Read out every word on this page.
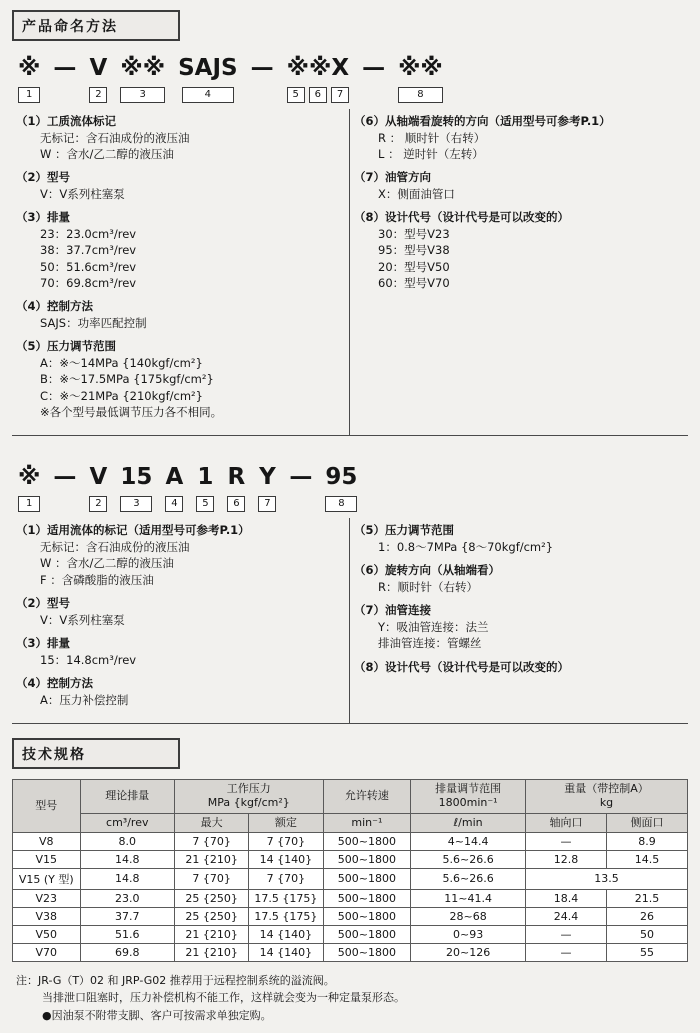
产品命名方法
※
1
— V
2
※※
3
SAJS
4
— ※※X
5	6	7
— ※※
8
（1）工质流体标记
无标记：含石油成份的液压油
W ：含水/乙二醇的液压油
（2）型号
V：V系列柱塞泵
（3）排量
23：23.0cm³/rev
38：37.7cm³/rev
50：51.6cm³/rev
70：69.8cm³/rev
（4）控制方法
SAJS：功率匹配控制
（5）压力调节范围
A：※～14MPa {140kgf/cm²}
B：※～17.5MPa {175kgf/cm²}
C：※～21MPa {210kgf/cm²}
※各个型号最低调节压力各不相同。
（6）从轴端看旋转的方向（适用型号可参考P.1）
R ： 顺时针（右转）
L ： 逆时针（左转）
（7）油管方向
X：侧面油管口
（8）设计代号（设计代号是可以改变的）
30：型号V23
95：型号V38
20：型号V50
60：型号V70
※
1
— V
2
15
3
A
4
1
5
R
6
Y
7
— 95
8
（1）适用流体的标记（适用型号可参考P.1）
无标记：含石油成份的液压油
W ：含水/乙二醇的液压油
F ：含磷酸脂的液压油
（2）型号
V：V系列柱塞泵
（3）排量
15：14.8cm³/rev
（4）控制方法
A：压力补偿控制
（5）压力调节范围
1：0.8～7MPa {8～70kgf/cm²}
（6）旋转方向（从轴端看）
R：顺时针（右转）
（7）油管连接
Y：吸油管连接：法兰
排油管连接：管螺丝
（8）设计代号（设计代号是可以改变的）
技术规格
型号	理论排量	
工作压力
MPa {kgf/cm²}
	允许转速	
排量调节范围
1800min⁻¹

重量（带控制A）
kg

	cm³/rev	最大	额定	min⁻¹	ℓ/min	轴向口	侧面口
V8	8.0	7 {70}	7 {70}	500~1800	4~14.4	—	8.9
V15	14.8	21 {210}	14 {140}	500~1800	5.6~26.6	12.8	14.5
V15 (Y 型)	14.8	7 {70}	7 {70}	500~1800	5.6~26.6	13.5	
V23	23.0	25 {250}	17.5 {175}	500~1800	11~41.4	18.4	21.5
V38	37.7	25 {250}	17.5 {175}	500~1800	28~68	24.4	26
V50	51.6	21 {210}	14 {140}	500~1800	0~93	—	50
V70	69.8	21 {210}	14 {140}	500~1800	20~126	—	55
注：JR-G（T）02 和 JRP-G02 推荐用于远程控制系统的溢流阀。
当排泄口阻塞时，压力补偿机构不能工作，这样就会变为一种定量泵形态。
●因油泵不附带支脚、客户可按需求单独定购。
